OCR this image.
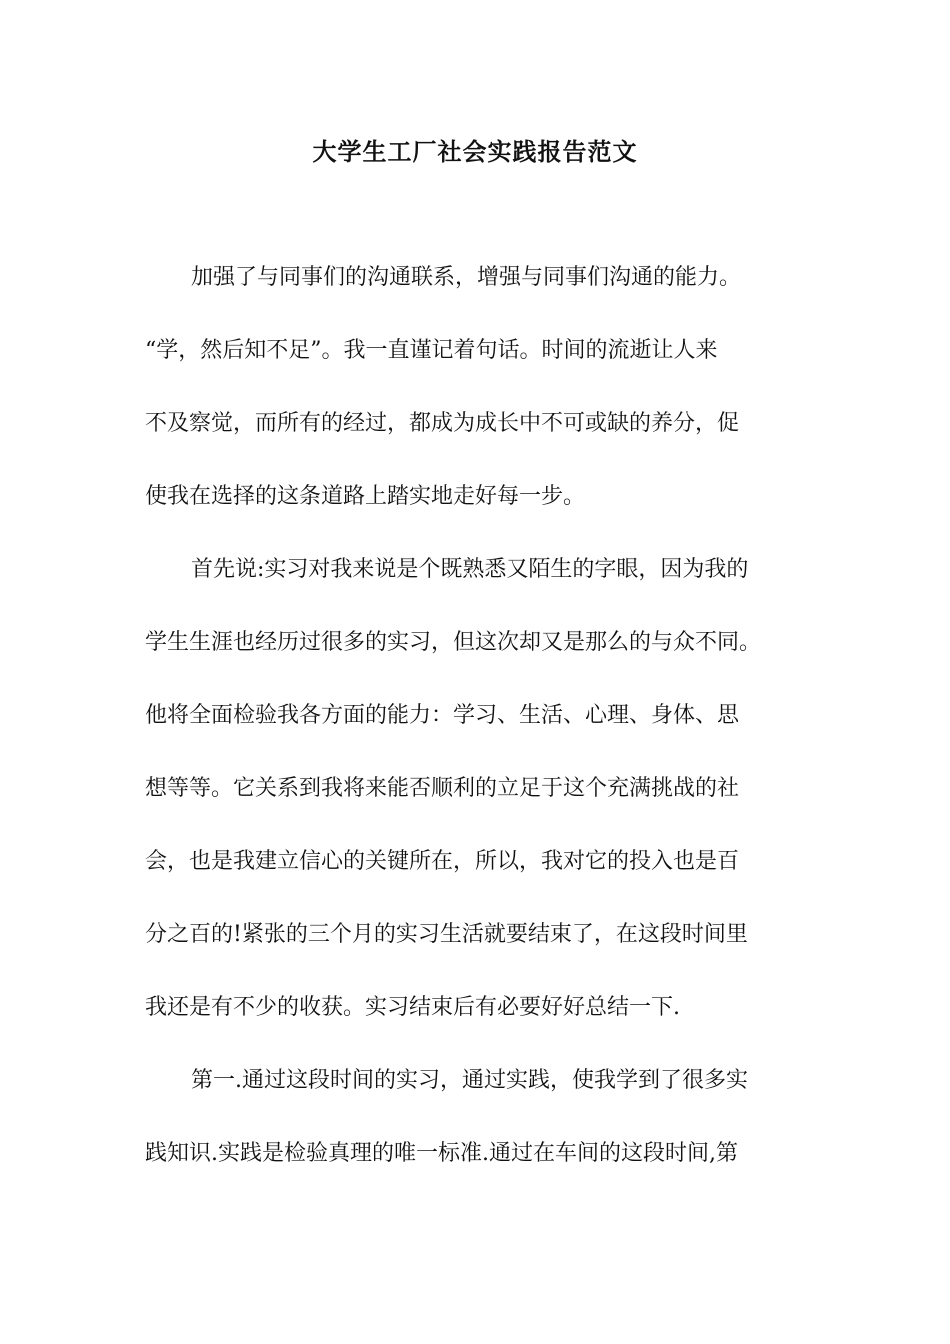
大学生工厂社会实践报告范文
加强了与同事们的沟通联系，增强与同事们沟通的能力。
“学，然后知不足”。我一直谨记着句话。时间的流逝让人来
不及察觉，而所有的经过，都成为成长中不可或缺的养分，促
使我在选择的这条道路上踏实地走好每一步。
首先说:实习对我来说是个既熟悉又陌生的字眼，因为我的
学生生涯也经历过很多的实习，但这次却又是那么的与众不同。
他将全面检验我各方面的能力：学习、生活、心理、身体、思
想等等。它关系到我将来能否顺利的立足于这个充满挑战的社
会，也是我建立信心的关键所在，所以，我对它的投入也是百
分之百的!紧张的三个月的实习生活就要结束了，在这段时间里
我还是有不少的收获。实习结束后有必要好好总结一下.
第一.通过这段时间的实习，通过实践，使我学到了很多实
践知识.实践是检验真理的唯一标准.通过在车间的这段时间,第
